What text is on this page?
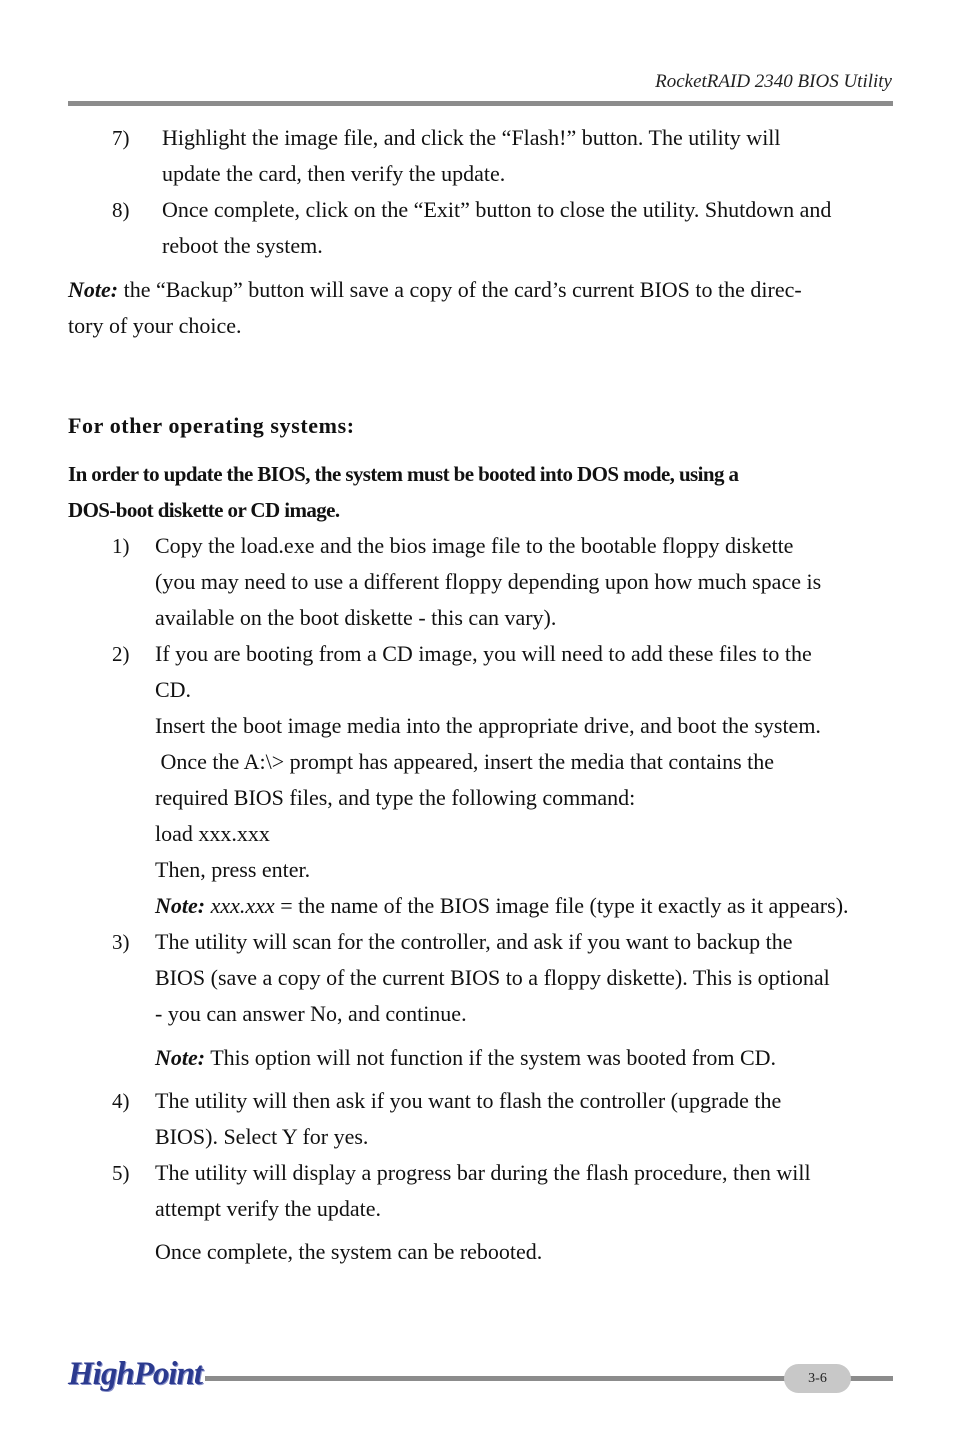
RocketRAID 2340 BIOS Utility
7) Highlight the image file, and click the “Flash!” button. The utility will
update the card, then verify the update.
8) Once complete, click on the “Exit” button to close the utility. Shutdown and
reboot the system.
Note: the “Backup” button will save a copy of the card’s current BIOS to the direc-
tory of your choice.
For other operating systems:
In order to update the BIOS, the system must be booted into DOS mode, using a
DOS-boot diskette or CD image.
1) Copy the load.exe and the bios image file to the bootable floppy diskette
(you may need to use a different floppy depending upon how much space is
available on the boot diskette - this can vary).
2) If you are booting from a CD image, you will need to add these files to the
CD.
Insert the boot image media into the appropriate drive, and boot the system.
Once the A:\> prompt has appeared, insert the media that contains the
required BIOS files, and type the following command:
load xxx.xxx
Then, press enter.
Note: xxx.xxx = the name of the BIOS image file (type it exactly as it appears).
3) The utility will scan for the controller, and ask if you want to backup the
BIOS (save a copy of the current BIOS to a floppy diskette). This is optional
- you can answer No, and continue.
Note: This option will not function if the system was booted from CD.
4) The utility will then ask if you want to flash the controller (upgrade the
BIOS). Select Y for yes.
5) The utility will display a progress bar during the flash procedure, then will
attempt verify the update.
Once complete, the system can be rebooted.
HighPoint	3-6
